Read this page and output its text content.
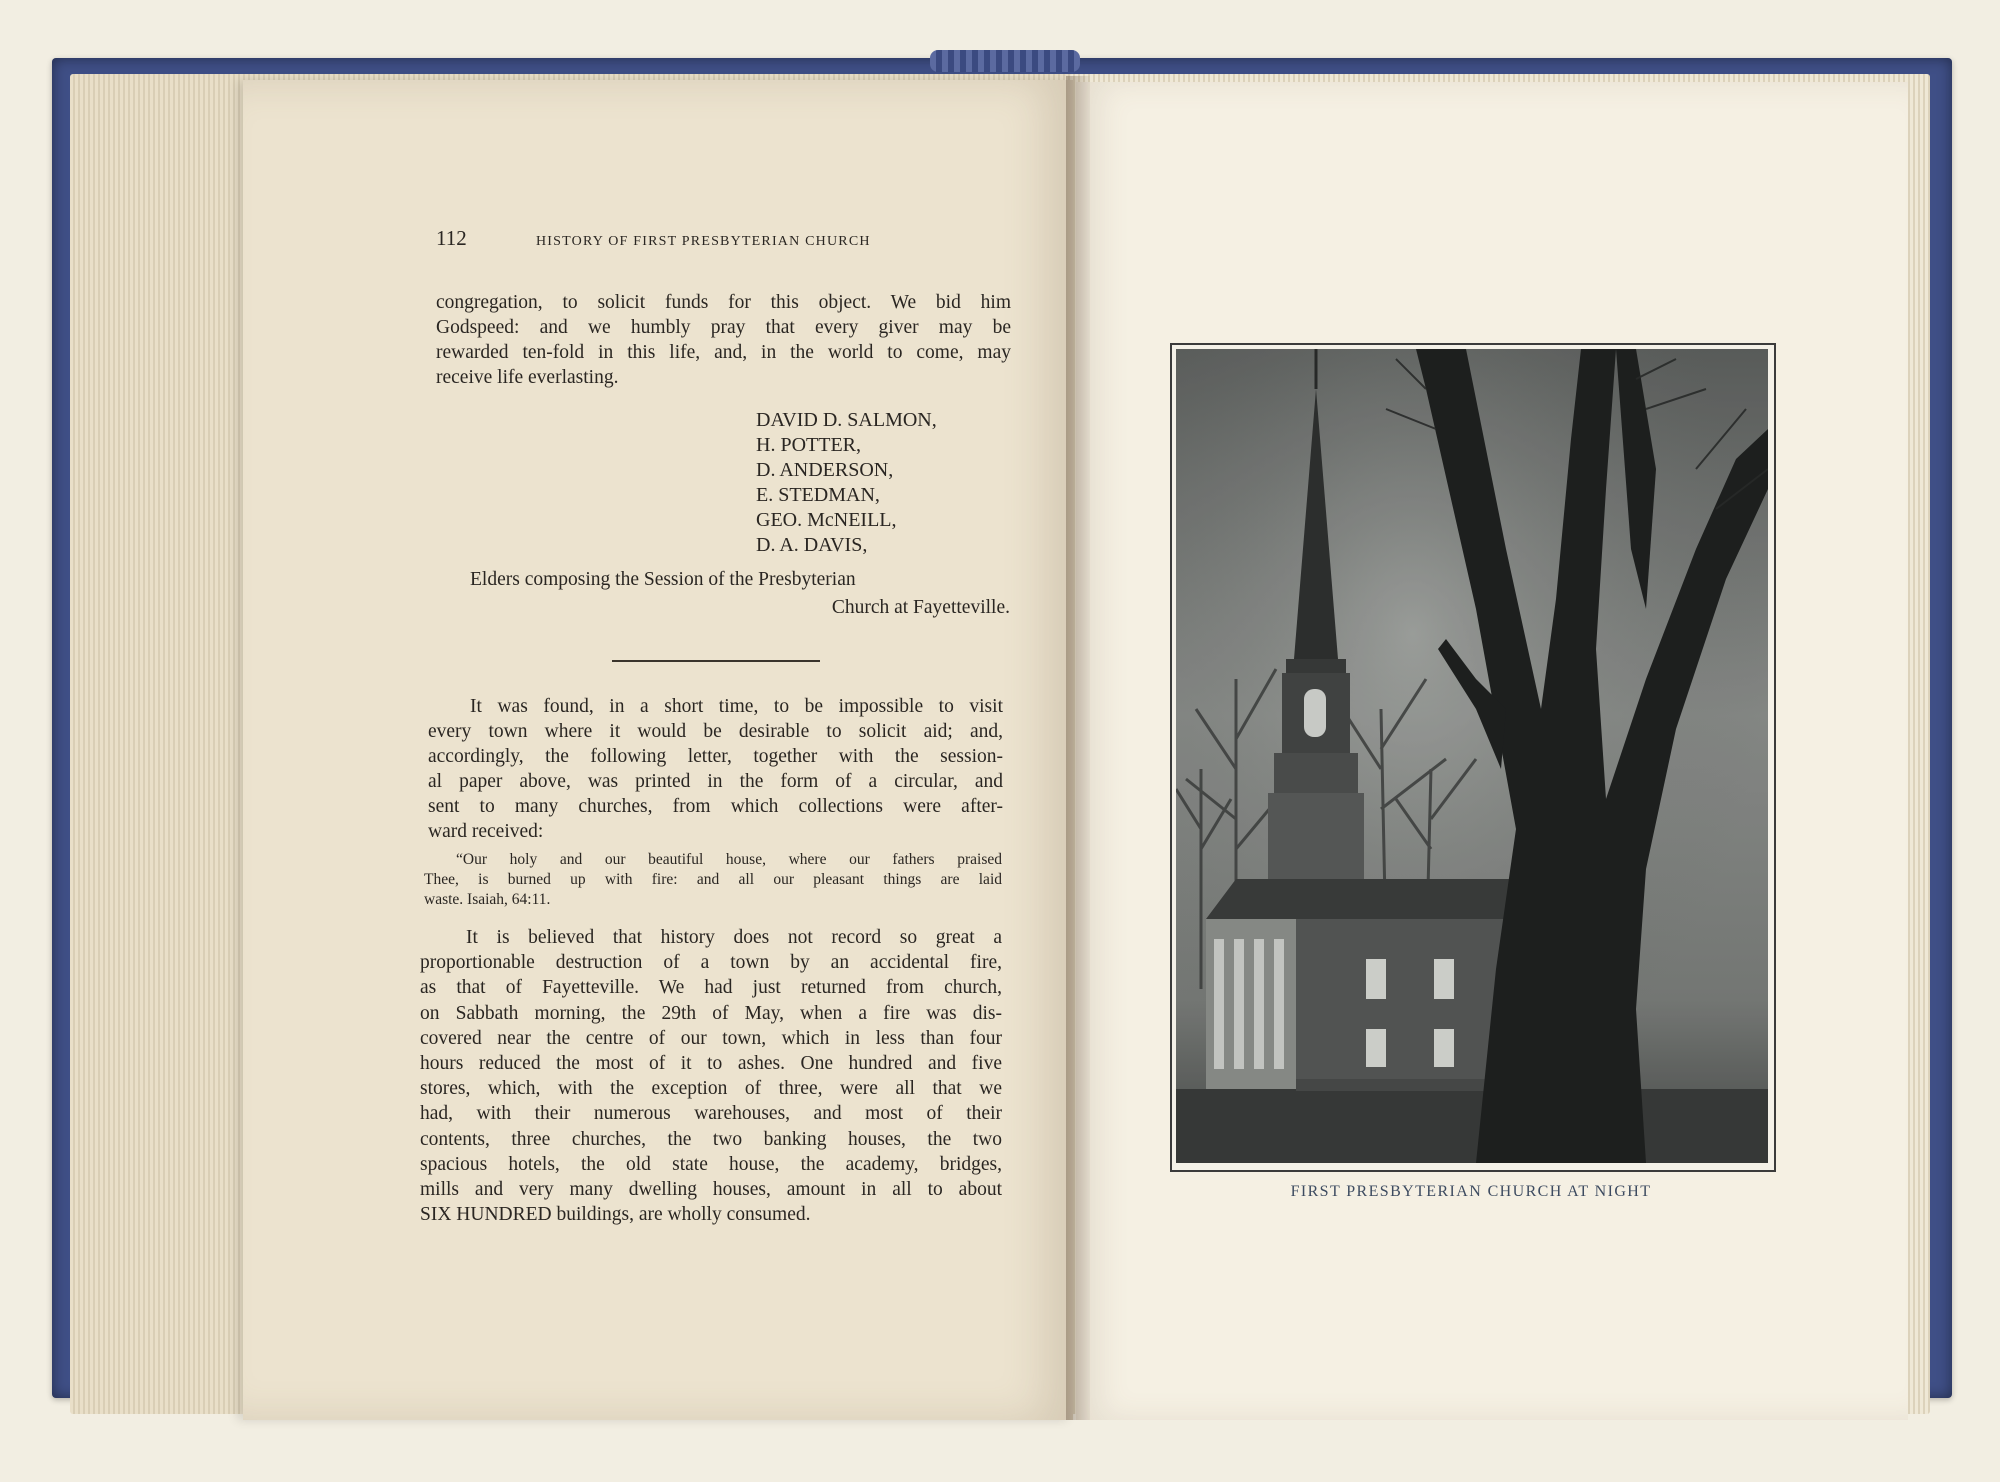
112	HISTORY OF FIRST PRESBYTERIAN CHURCH
congregation, to solicit funds for this object. We bid him
Godspeed: and we humbly pray that every giver may be
rewarded ten-fold in this life, and, in the world to come, may
receive life everlasting.
DAVID D. SALMON,
H. POTTER,
D. ANDERSON,
E. STEDMAN,
GEO. McNEILL,
D. A. DAVIS,
Elders composing the Session of the Presbyterian
Church at Fayetteville.
It was found, in a short time, to be impossible to visit
every town where it would be desirable to solicit aid; and,
accordingly, the following letter, together with the session-
al paper above, was printed in the form of a circular, and
sent to many churches, from which collections were after-
ward received:
“Our holy and our beautiful house, where our fathers praised
Thee, is burned up with fire: and all our pleasant things are laid
waste. Isaiah, 64:11.
It is believed that history does not record so great a
proportionable destruction of a town by an accidental fire,
as that of Fayetteville. We had just returned from church,
on Sabbath morning, the 29th of May, when a fire was dis-
covered near the centre of our town, which in less than four
hours reduced the most of it to ashes. One hundred and five
stores, which, with the exception of three, were all that we
had, with their numerous warehouses, and most of their
contents, three churches, the two banking houses, the two
spacious hotels, the old state house, the academy, bridges,
mills and very many dwelling houses, amount in all to about
SIX HUNDRED buildings, are wholly consumed.
FIRST PRESBYTERIAN CHURCH AT NIGHT
